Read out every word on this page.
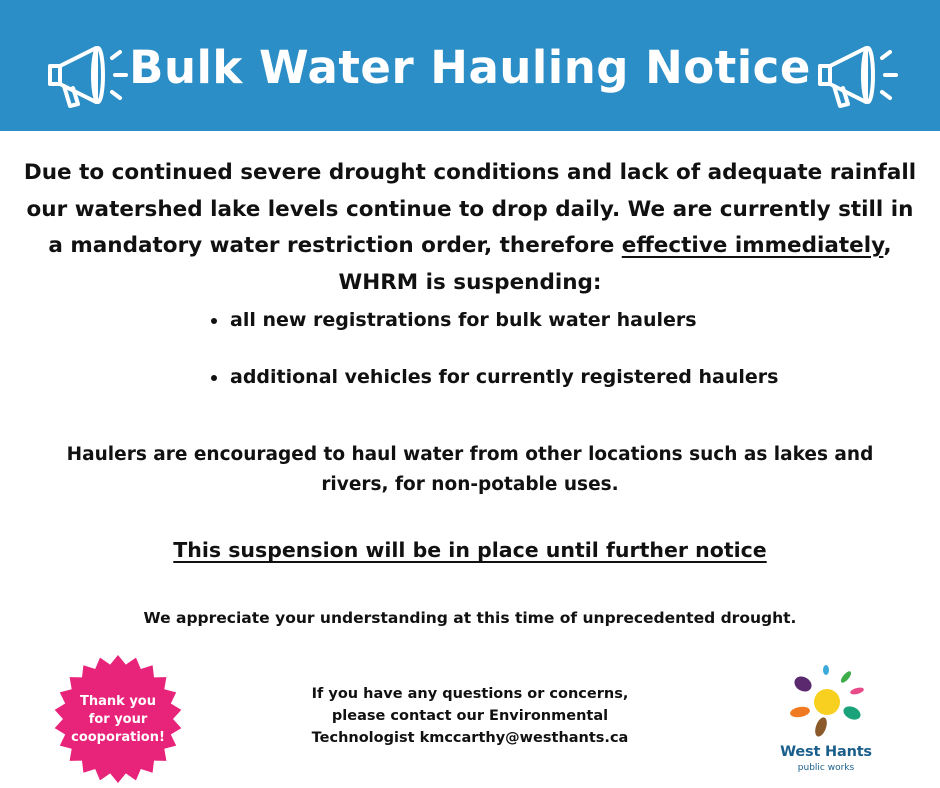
Bulk Water Hauling Notice
Due to continued severe drought conditions and lack of adequate rainfall our watershed lake levels continue to drop daily. We are currently still in a mandatory water restriction order, therefore effective immediately, WHRM is suspending:
all new registrations for bulk water haulers
additional vehicles for currently registered haulers
Haulers are encouraged to haul water from other locations such as lakes and rivers, for non-potable uses.
This suspension will be in place until further notice
We appreciate your understanding at this time of unprecedented drought.
If you have any questions or concerns,
please contact our Environmental
Technologist kmccarthy@westhants.ca
Thank you
for your
cooporation!
West Hants
public works
